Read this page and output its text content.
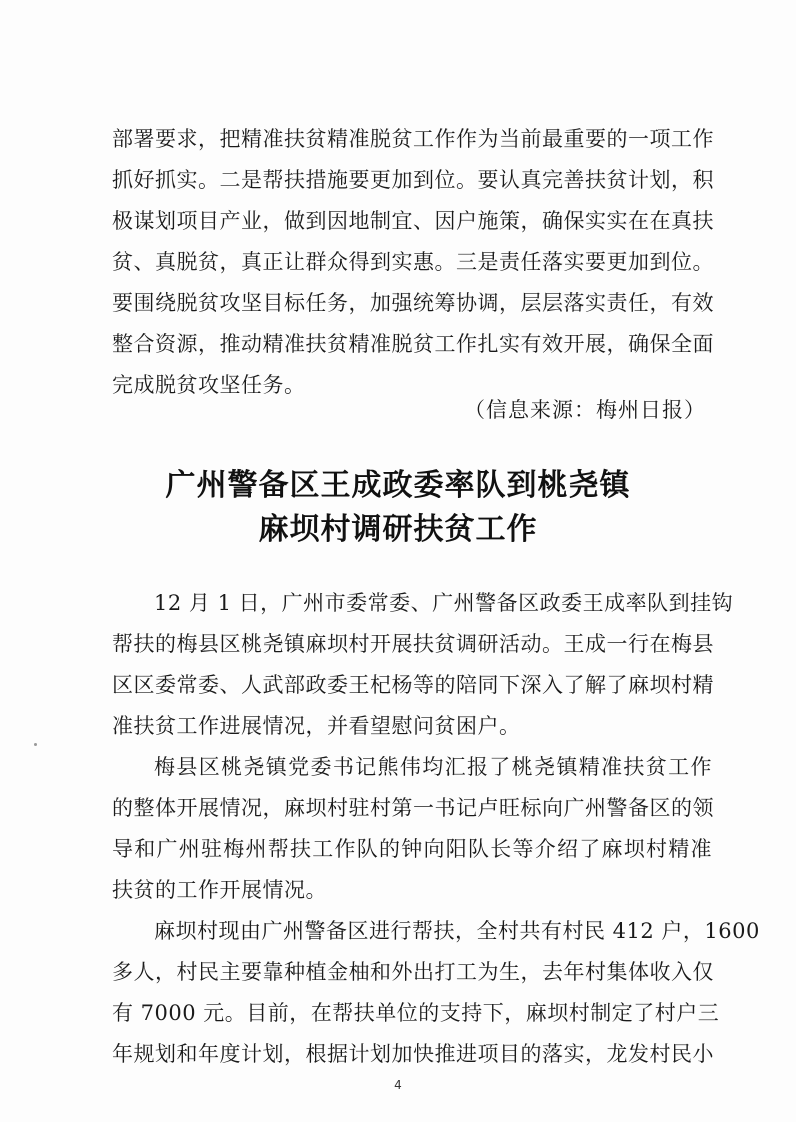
部署要求，把精准扶贫精准脱贫工作作为当前最重要的一项工作
抓好抓实。二是帮扶措施要更加到位。要认真完善扶贫计划，积
极谋划项目产业，做到因地制宜、因户施策，确保实实在在真扶
贫、真脱贫，真正让群众得到实惠。三是责任落实要更加到位。
要围绕脱贫攻坚目标任务，加强统筹协调，层层落实责任，有效
整合资源，推动精准扶贫精准脱贫工作扎实有效开展，确保全面
完成脱贫攻坚任务。
（信息来源：梅州日报）
广州警备区王成政委率队到桃尧镇
麻坝村调研扶贫工作
12 月 1 日，广州市委常委、广州警备区政委王成率队到挂钩
帮扶的梅县区桃尧镇麻坝村开展扶贫调研活动。王成一行在梅县
区区委常委、人武部政委王杞杨等的陪同下深入了解了麻坝村精
准扶贫工作进展情况，并看望慰问贫困户。
梅县区桃尧镇党委书记熊伟均汇报了桃尧镇精准扶贫工作
的整体开展情况，麻坝村驻村第一书记卢旺标向广州警备区的领
导和广州驻梅州帮扶工作队的钟向阳队长等介绍了麻坝村精准
扶贫的工作开展情况。
麻坝村现由广州警备区进行帮扶，全村共有村民 412 户，1600
多人，村民主要靠种植金柚和外出打工为生，去年村集体收入仅
有 7000 元。目前，在帮扶单位的支持下，麻坝村制定了村户三
年规划和年度计划，根据计划加快推进项目的落实，龙发村民小
4
